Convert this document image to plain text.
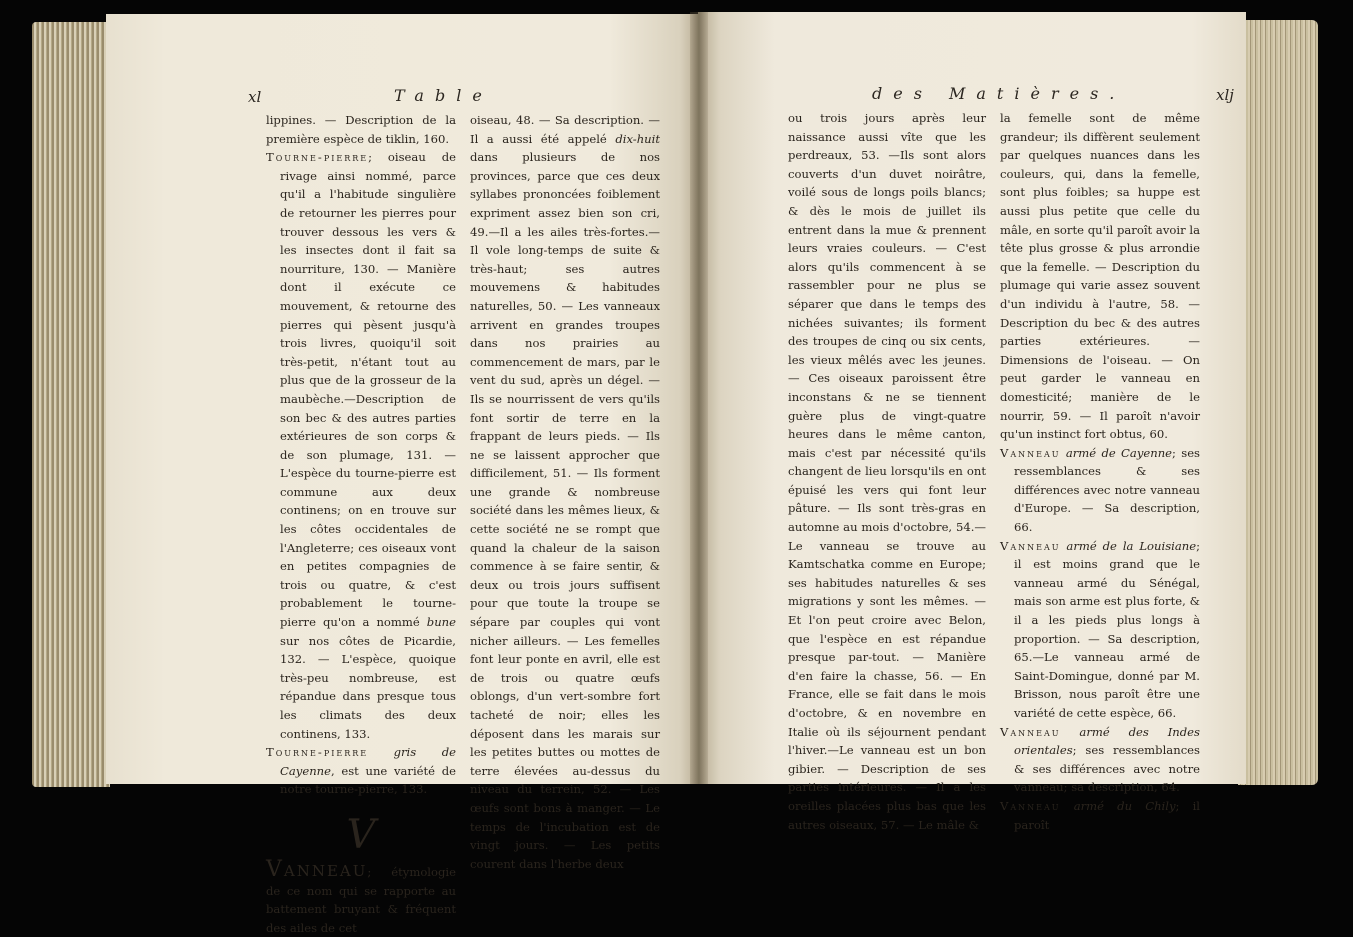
xl	Table

lippines. — Description de la première espèce de tiklin, 160.

Tourne-pierre; oiseau de rivage ainsi nommé, parce qu'il a l'habitude singulière de retourner les pierres pour trouver dessous les vers & les insectes dont il fait sa nourriture, 130. — Manière dont il exécute ce mouvement, & retourne des pierres qui pèsent jusqu'à trois livres, quoiqu'il soit très-petit, n'étant tout au plus que de la grosseur de la maubèche.—Description de son bec & des autres parties extérieures de son corps & de son plumage, 131. — L'espèce du tourne-pierre est commune aux deux continens; on en trouve sur les côtes occidentales de l'Angleterre; ces oiseaux vont en petites compagnies de trois ou quatre, & c'est probablement le tourne-pierre qu'on a nommé bune sur nos côtes de Picardie, 132. — L'espèce, quoique très-peu nombreuse, est répandue dans presque tous les climats des deux continens, 133.

Tourne-pierre gris de Cayenne, est une variété de notre tourne-pierre, 133.

V

Vanneau; étymologie de ce nom qui se rapporte au battement bruyant & fréquent des ailes de cet

oiseau, 48. — Sa description. — Il a aussi été appelé dix-huit dans plusieurs de nos provinces, parce que ces deux syllabes prononcées foiblement expriment assez bien son cri, 49.—Il a les ailes très-fortes.— Il vole long-temps de suite & très-haut; ses autres mouvemens & habitudes naturelles, 50. — Les vanneaux arrivent en grandes troupes dans nos prairies au commencement de mars, par le vent du sud, après un dégel. — Ils se nourrissent de vers qu'ils font sortir de terre en la frappant de leurs pieds. — Ils ne se laissent approcher que difficilement, 51. — Ils forment une grande & nombreuse société dans les mêmes lieux, & cette société ne se rompt que quand la chaleur de la saison commence à se faire sentir, & deux ou trois jours suffisent pour que toute la troupe se sépare par couples qui vont nicher ailleurs. — Les femelles font leur ponte en avril, elle est de trois ou quatre œufs oblongs, d'un vert-sombre fort tacheté de noir; elles les déposent dans les marais sur les petites buttes ou mottes de terre élevées au-dessus du niveau du terrein, 52. — Les œufs sont bons à manger. — Le temps de l'incubation est de vingt jours. — Les petits courent dans l'herbe deux

des Matières.	xlj

ou trois jours après leur naissance aussi vîte que les perdreaux, 53. —Ils sont alors couverts d'un duvet noirâtre, voilé sous de longs poils blancs; & dès le mois de juillet ils entrent dans la mue & prennent leurs vraies couleurs. — C'est alors qu'ils commencent à se rassembler pour ne plus se séparer que dans le temps des nichées suivantes; ils forment des troupes de cinq ou six cents, les vieux mêlés avec les jeunes. — Ces oiseaux paroissent être inconstans & ne se tiennent guère plus de vingt-quatre heures dans le même canton, mais c'est par nécessité qu'ils changent de lieu lorsqu'ils en ont épuisé les vers qui font leur pâture. — Ils sont très-gras en automne au mois d'octobre, 54.—Le vanneau se trouve au Kamtschatka comme en Europe; ses habitudes naturelles & ses migrations y sont les mêmes. — Et l'on peut croire avec Belon, que l'espèce en est répandue presque par-tout. — Manière d'en faire la chasse, 56. — En France, elle se fait dans le mois d'octobre, & en novembre en Italie où ils séjournent pendant l'hiver.—Le vanneau est un bon gibier. — Description de ses parties intérieures. — Il a les oreilles placées plus bas que les autres oiseaux, 57. — Le mâle &

la femelle sont de même grandeur; ils diffèrent seulement par quelques nuances dans les couleurs, qui, dans la femelle, sont plus foibles; sa huppe est aussi plus petite que celle du mâle, en sorte qu'il paroît avoir la tête plus grosse & plus arrondie que la femelle. — Description du plumage qui varie assez souvent d'un individu à l'autre, 58. — Description du bec & des autres parties extérieures. — Dimensions de l'oiseau. — On peut garder le vanneau en domesticité; manière de le nourrir, 59. — Il paroît n'avoir qu'un instinct fort obtus, 60.

Vanneau armé de Cayenne; ses ressemblances & ses différences avec notre vanneau d'Europe. — Sa description, 66.

Vanneau armé de la Louisiane; il est moins grand que le vanneau armé du Sénégal, mais son arme est plus forte, & il a les pieds plus longs à proportion. — Sa description, 65.—Le vanneau armé de Saint-Domingue, donné par M. Brisson, nous paroît être une variété de cette espèce, 66.

Vanneau armé des Indes orientales; ses ressemblances & ses différences avec notre vanneau; sa description, 64.

Vanneau armé du Chily; il paroît
